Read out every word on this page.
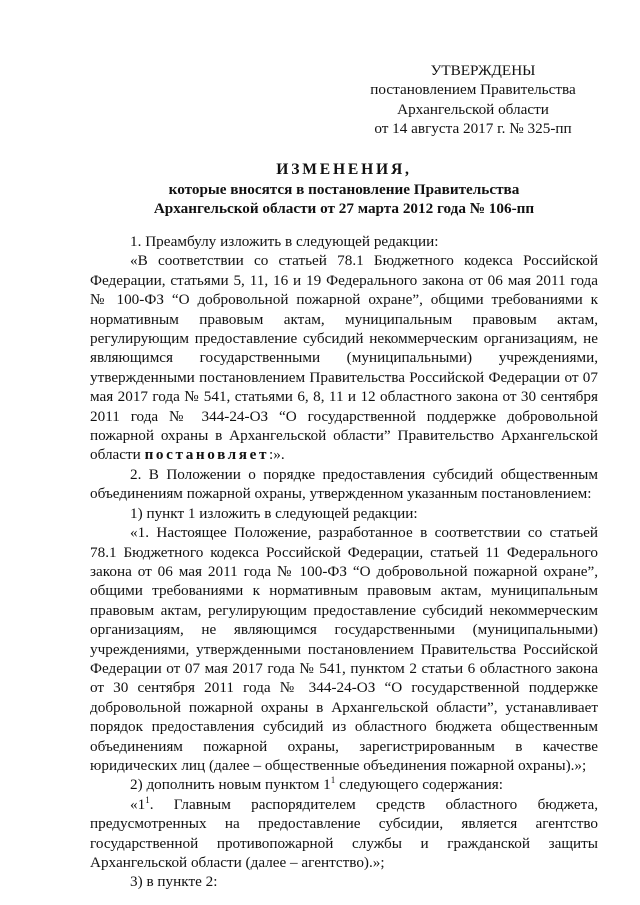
УТВЕРЖДЕНЫ
постановлением Правительства
Архангельской области
от 14 августа 2017 г. № 325-пп
ИЗМЕНЕНИЯ,
которые вносятся в постановление Правительства
Архангельской области от 27 марта 2012 года № 106-пп

1. Преамбулу изложить в следующей редакции:

«В соответствии со статьей 78.1 Бюджетного кодекса Российской Федерации, статьями 5, 11, 16 и 19 Федерального закона от 06 мая 2011 года № 100-ФЗ “О добровольной пожарной охране”, общими требованиями к нормативным правовым актам, муниципальным правовым актам, регулирующим предоставление субсидий некоммерческим организациям, не являющимся государственными (муниципальными) учреждениями, утвержденными постановлением Правительства Российской Федерации от 07 мая 2017 года № 541, статьями 6, 8, 11 и 12 областного закона от 30 сентября 2011 года № 344-24-ОЗ “О государственной поддержке добровольной пожарной охраны в Архангельской области” Правительство Архангельской области постановляет:».

2. В Положении о порядке предоставления субсидий общественным объединениям пожарной охраны, утвержденном указанным постановлением:

1) пункт 1 изложить в следующей редакции:

«1. Настоящее Положение, разработанное в соответствии со статьей 78.1 Бюджетного кодекса Российской Федерации, статьей 11 Федерального закона от 06 мая 2011 года № 100-ФЗ “О добровольной пожарной охране”, общими требованиями к нормативным правовым актам, муниципальным правовым актам, регулирующим предоставление субсидий некоммерческим организациям, не являющимся государственными (муниципальными) учреждениями, утвержденными постановлением Правительства Российской Федерации от 07 мая 2017 года № 541, пунктом 2 статьи 6 областного закона от 30 сентября 2011 года № 344-24-ОЗ “О государственной поддержке добровольной пожарной охраны в Архангельской области”, устанавливает порядок предоставления субсидий из областного бюджета общественным объединениям пожарной охраны, зарегистрированным в качестве юридических лиц (далее – общественные объединения пожарной охраны).»;

2) дополнить новым пунктом $1^1$ следующего содержания:

«$1^1$. Главным распорядителем средств областного бюджета, предусмотренных на предоставление субсидии, является агентство государственной противопожарной службы и гражданской защиты Архангельской области (далее – агентство).»;

3) в пункте 2:
